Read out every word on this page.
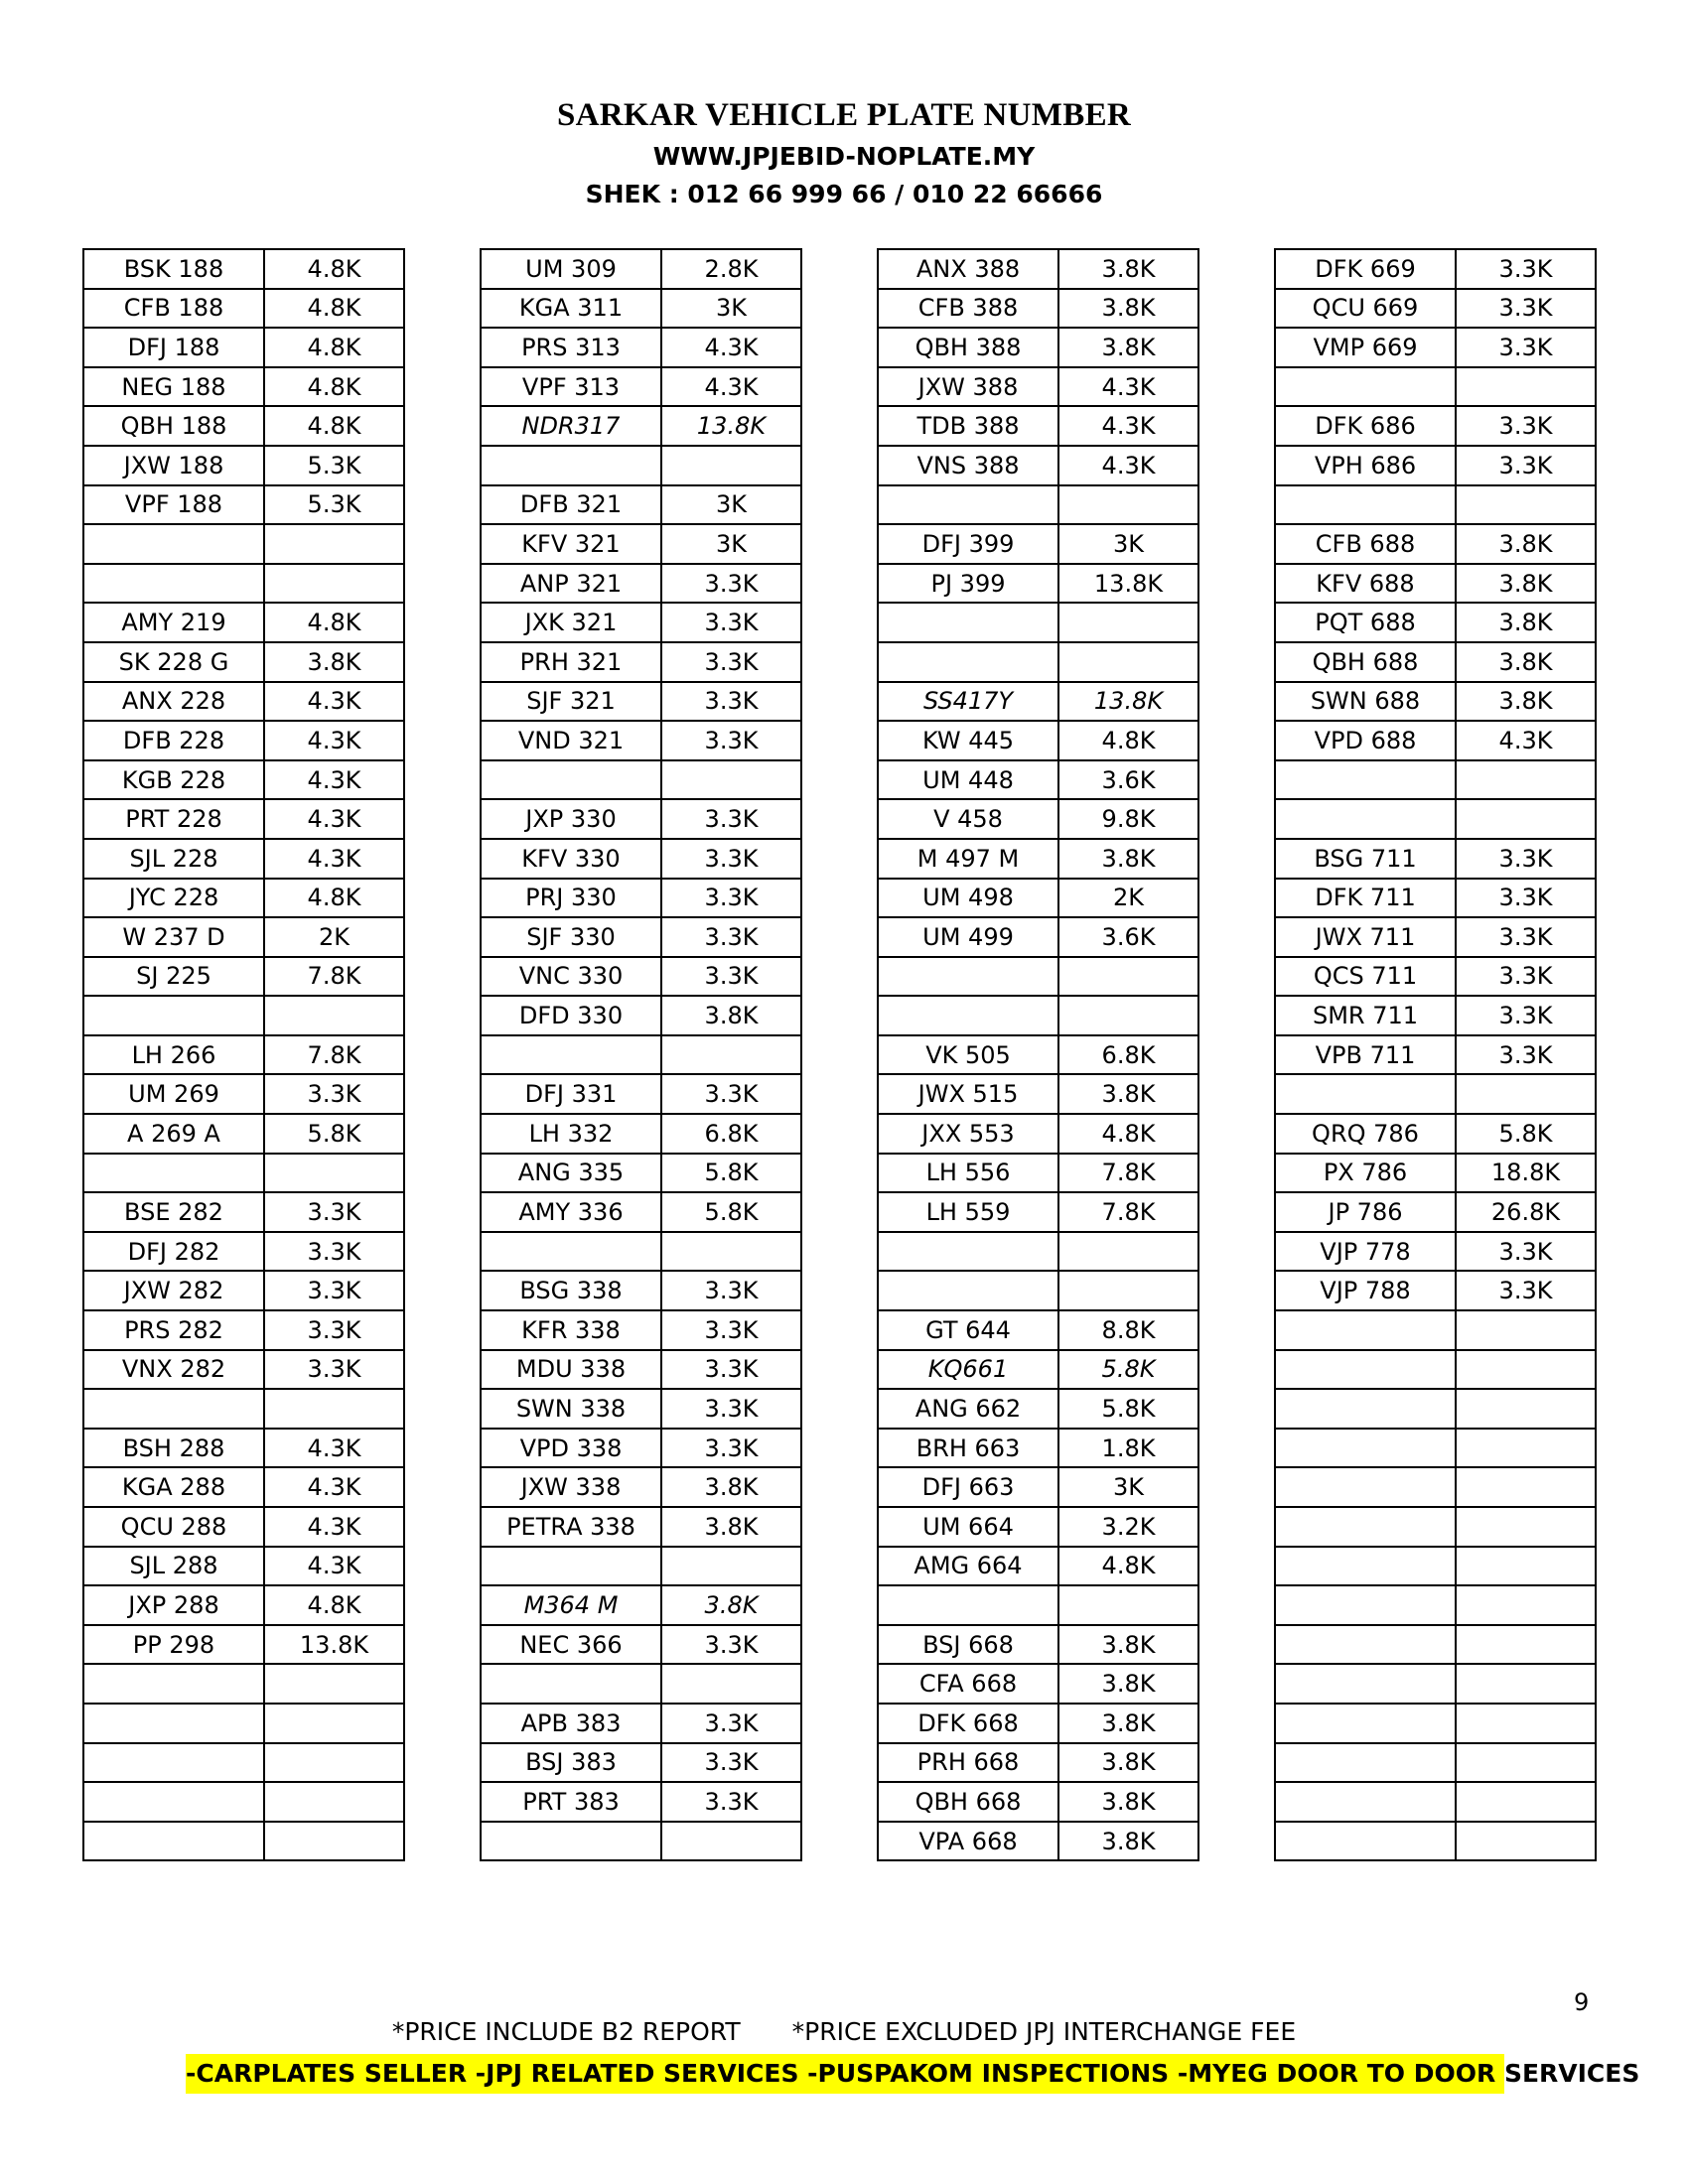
SARKAR VEHICLE PLATE NUMBER
WWW.JPJEBID-NOPLATE.MY
SHEK : 012 66 999 66 / 010 22 66666
BSK 188	4.8K
CFB 188	4.8K
DFJ 188	4.8K
NEG 188	4.8K
QBH 188	4.8K
JXW 188	5.3K
VPF 188	5.3K

AMY 219	4.8K
SK 228 G	3.8K
ANX 228	4.3K
DFB 228	4.3K
KGB 228	4.3K
PRT 228	4.3K
SJL 228	4.3K
JYC 228	4.8K
W 237 D	2K
SJ 225	7.8K

LH 266	7.8K
UM 269	3.3K
A 269 A	5.8K

BSE 282	3.3K
DFJ 282	3.3K
JXW 282	3.3K
PRS 282	3.3K
VNX 282	3.3K

BSH 288	4.3K
KGA 288	4.3K
QCU 288	4.3K
SJL 288	4.3K
JXP 288	4.8K
PP 298	13.8K

UM 309	2.8K
KGA 311	3K
PRS 313	4.3K
VPF 313	4.3K
NDR317	13.8K

DFB 321	3K
KFV 321	3K
ANP 321	3.3K
JXK 321	3.3K
PRH 321	3.3K
SJF 321	3.3K
VND 321	3.3K

JXP 330	3.3K
KFV 330	3.3K
PRJ 330	3.3K
SJF 330	3.3K
VNC 330	3.3K
DFD 330	3.8K

DFJ 331	3.3K
LH 332	6.8K
ANG 335	5.8K
AMY 336	5.8K

BSG 338	3.3K
KFR 338	3.3K
MDU 338	3.3K
SWN 338	3.3K
VPD 338	3.3K
JXW 338	3.8K
PETRA 338	3.8K

M364 M	3.8K
NEC 366	3.3K

APB 383	3.3K
BSJ 383	3.3K
PRT 383	3.3K

ANX 388	3.8K
CFB 388	3.8K
QBH 388	3.8K
JXW 388	4.3K
TDB 388	4.3K
VNS 388	4.3K

DFJ 399	3K
PJ 399	13.8K

SS417Y	13.8K
KW 445	4.8K
UM 448	3.6K
V 458	9.8K
M 497 M	3.8K
UM 498	2K
UM 499	3.6K

VK 505	6.8K
JWX 515	3.8K
JXX 553	4.8K
LH 556	7.8K
LH 559	7.8K

GT 644	8.8K
KQ661	5.8K
ANG 662	5.8K
BRH 663	1.8K
DFJ 663	3K
UM 664	3.2K
AMG 664	4.8K

BSJ 668	3.8K
CFA 668	3.8K
DFK 668	3.8K
PRH 668	3.8K
QBH 668	3.8K
VPA 668	3.8K
DFK 669	3.3K
QCU 669	3.3K
VMP 669	3.3K

DFK 686	3.3K
VPH 686	3.3K

CFB 688	3.8K
KFV 688	3.8K
PQT 688	3.8K
QBH 688	3.8K
SWN 688	3.8K
VPD 688	4.3K

BSG 711	3.3K
DFK 711	3.3K
JWX 711	3.3K
QCS 711	3.3K
SMR 711	3.3K
VPB 711	3.3K

QRQ 786	5.8K
PX 786	18.8K
JP 786	26.8K
VJP 778	3.3K
VJP 788	3.3K

9
*PRICE INCLUDE B2 REPORT *PRICE EXCLUDED JPJ INTERCHANGE FEE
-CARPLATES SELLER -JPJ RELATED SERVICES -PUSPAKOM INSPECTIONS -MYEG DOOR TO DOOR SERVICES
